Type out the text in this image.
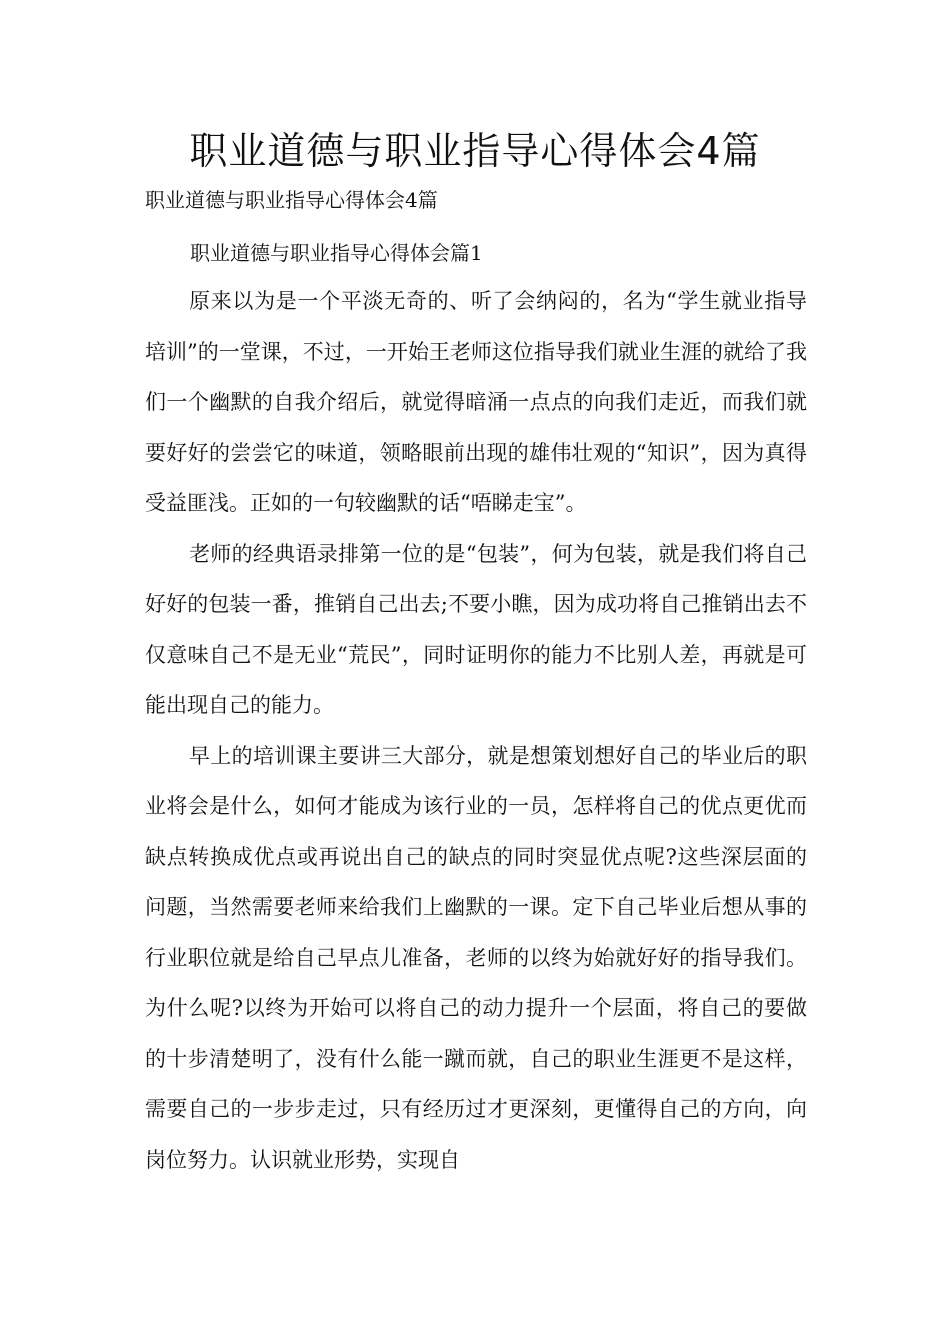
职业道德与职业指导心得体会4篇

职业道德与职业指导心得体会4篇

职业道德与职业指导心得体会篇1

原来以为是一个平淡无奇的、听了会纳闷的，名为“学生就业指导培训”的一堂课，不过，一开始王老师这位指导我们就业生涯的就给了我们一个幽默的自我介绍后，就觉得暗涌一点点的向我们走近，而我们就要好好的尝尝它的味道，领略眼前出现的雄伟壮观的“知识”，因为真得受益匪浅。正如的一句较幽默的话“唔睇走宝”。

老师的经典语录排第一位的是“包装”，何为包装，就是我们将自己好好的包装一番，推销自己出去;不要小瞧，因为成功将自己推销出去不仅意味自己不是无业“荒民”，同时证明你的能力不比别人差，再就是可能出现自己的能力。

早上的培训课主要讲三大部分，就是想策划想好自己的毕业后的职业将会是什么，如何才能成为该行业的一员，怎样将自己的优点更优而缺点转换成优点或再说出自己的缺点的同时突显优点呢?这些深层面的问题，当然需要老师来给我们上幽默的一课。定下自己毕业后想从事的行业职位就是给自己早点儿准备，老师的以终为始就好好的指导我们。为什么呢?以终为开始可以将自己的动力提升一个层面，将自己的要做的十步清楚明了，没有什么能一蹴而就，自己的职业生涯更不是这样，需要自己的一步步走过，只有经历过才更深刻，更懂得自己的方向，向岗位努力。认识就业形势，实现自
